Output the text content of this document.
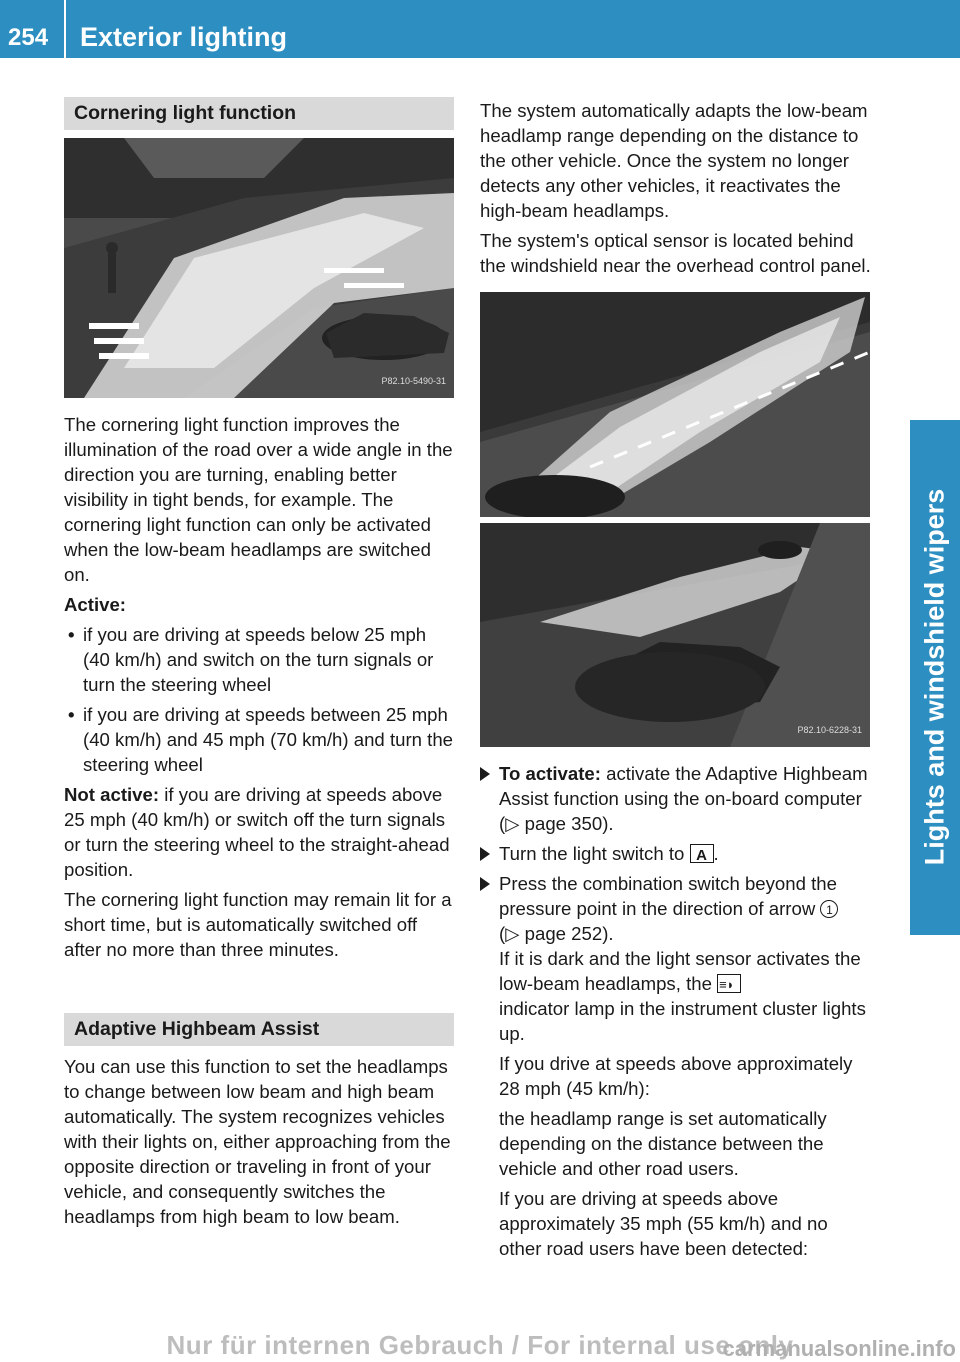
254 Exterior lighting
Lights and windshield wipers
Cornering light function
P82.10-5490-31

The cornering light function improves the illumination of the road over a wide angle in the direction you are turning, enabling better visibility in tight bends, for example. The cornering light function can only be activated when the low-beam headlamps are switched on.

Active:

• if you are driving at speeds below 25 mph (40 km/h) and switch on the turn signals or turn the steering wheel
• if you are driving at speeds between 25 mph (40 km/h) and 45 mph (70 km/h) and turn the steering wheel

Not active: if you are driving at speeds above 25 mph (40 km/h) or switch off the turn signals or turn the steering wheel to the straight-ahead position.

The cornering light function may remain lit for a short time, but is automatically switched off after no more than three minutes.

Adaptive Highbeam Assist

You can use this function to set the headlamps to change between low beam and high beam automatically. The system recognizes vehicles with their lights on, either approaching from the opposite direction or traveling in front of your vehicle, and consequently switches the headlamps from high beam to low beam.

The system automatically adapts the low-beam headlamp range depending on the distance to the other vehicle. Once the system no longer detects any other vehicles, it reactivates the high-beam headlamps.

The system's optical sensor is located behind the windshield near the overhead control panel.

P82.10-6228-31
To activate: activate the Adaptive Highbeam Assist function using the on-board computer (▷ page 350).
Turn the light switch to A.
Press the combination switch beyond the pressure point in the direction of arrow 1
(▷ page 252).
If it is dark and the light sensor activates the low-beam headlamps, the ≡◗
indicator lamp in the instrument cluster lights up.

If you drive at speeds above approximately 28 mph (45 km/h):

the headlamp range is set automatically depending on the distance between the vehicle and other road users.

If you are driving at speeds above approximately 35 mph (55 km/h) and no other road users have been detected:

Nur für internen Gebrauch / For internal use only
carmanualsonline.info
